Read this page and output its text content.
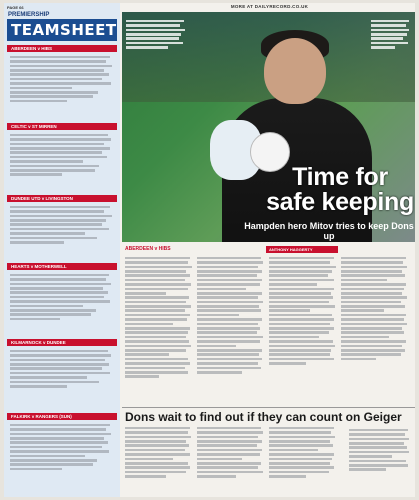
PAGE 66
PREMIERSHIP
TEAMSHEET
ABERDEEN v HIBS
CELTIC v ST MIRREN
DUNDEE UTD v LIVINGSTON
HEARTS v MOTHERWELL
KILMARNOCK v DUNDEE
FALKIRK v RANGERS (SUN)
MORE AT DAILYRECORD.CO.UK
Time for safe keeping
Hampden hero Mitov tries to keep Dons up
ABERDEEN v HIBS	ANTHONY HAGGERTY
Dons wait to find out if they can count on Geiger
